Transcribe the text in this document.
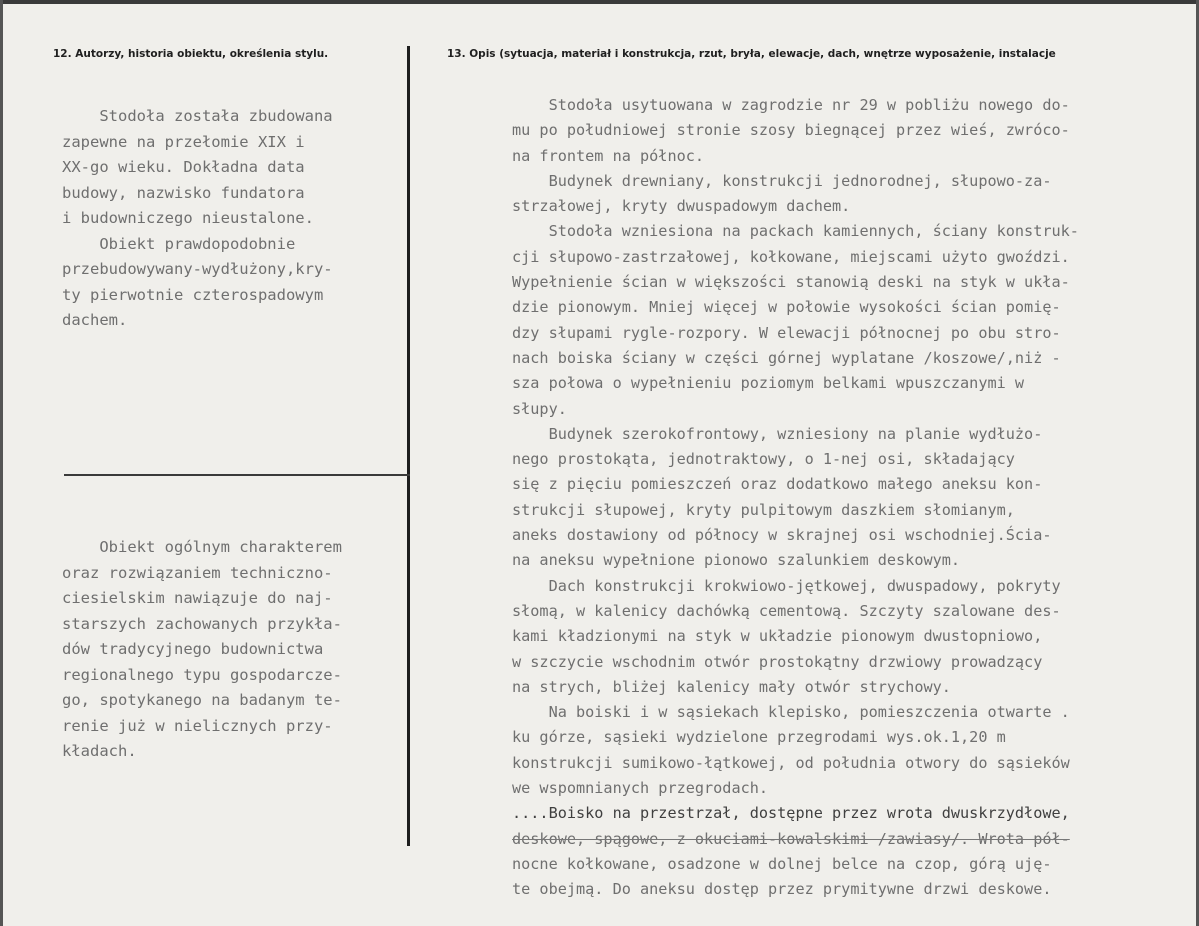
12. Autorzy, historia obiektu, określenia stylu.	13. Opis (sytuacja, materiał i konstrukcja, rzut, bryła, elewacje, dach, wnętrze wyposażenie, instalacje
Stodoła została zbudowana
zapewne na przełomie XIX i
XX-go wieku. Dokładna data
budowy, nazwisko fundatora
i budowniczego nieustalone.
Obiekt prawdopodobnie
przebudowywany-wydłużony,kry-
ty pierwotnie czterospadowym
dachem.
Obiekt ogólnym charakterem
oraz rozwiązaniem techniczno-
ciesielskim nawiązuje do naj-
starszych zachowanych przykła-
dów tradycyjnego budownictwa
regionalnego typu gospodarcze-
go, spotykanego na badanym te-
renie już w nielicznych przy-
kładach.
Stodoła usytuowana w zagrodzie nr 29 w pobliżu nowego do-
mu po południowej stronie szosy biegnącej przez wieś, zwróco-
na frontem na północ.
Budynek drewniany, konstrukcji jednorodnej, słupowo-za-
strzałowej, kryty dwuspadowym dachem.
Stodoła wzniesiona na packach kamiennych, ściany konstruk-
cji słupowo-zastrzałowej, kołkowane, miejscami użyto gwoździ.
Wypełnienie ścian w większości stanowią deski na styk w ukła-
dzie pionowym. Mniej więcej w połowie wysokości ścian pomię-
dzy słupami rygle-rozpory. W elewacji północnej po obu stro-
nach boiska ściany w części górnej wyplatane /koszowe/,niż -
sza połowa o wypełnieniu poziomym belkami wpuszczanymi w
słupy.
Budynek szerokofrontowy, wzniesiony na planie wydłużo-
nego prostokąta, jednotraktowy, o 1-nej osi, składający
się z pięciu pomieszczeń oraz dodatkowo małego aneksu kon-
strukcji słupowej, kryty pulpitowym daszkiem słomianym,
aneks dostawiony od północy w skrajnej osi wschodniej.Ścia-
na aneksu wypełnione pionowo szalunkiem deskowym.
Dach konstrukcji krokwiowo-jętkowej, dwuspadowy, pokryty
słomą, w kalenicy dachówką cementową. Szczyty szalowane des-
kami kładzionymi na styk w układzie pionowym dwustopniowo,
w szczycie wschodnim otwór prostokątny drzwiowy prowadzący
na strych, bliżej kalenicy mały otwór strychowy.
Na boiski i w sąsiekach klepisko, pomieszczenia otwarte .
ku górze, sąsieki wydzielone przegrodami wys.ok.1,20 m
konstrukcji sumikowo-łątkowej, od południa otwory do sąsieków
we wspomnianych przegrodach.
....Boisko na przestrzał, dostępne przez wrota dwuskrzydłowe,
deskowe, spągowe, z okuciami-kowalskimi /zawiasy/. Wrota pół-
nocne kołkowane, osadzone w dolnej belce na czop, górą uję-
te obejmą. Do aneksu dostęp przez prymitywne drzwi deskowe.
